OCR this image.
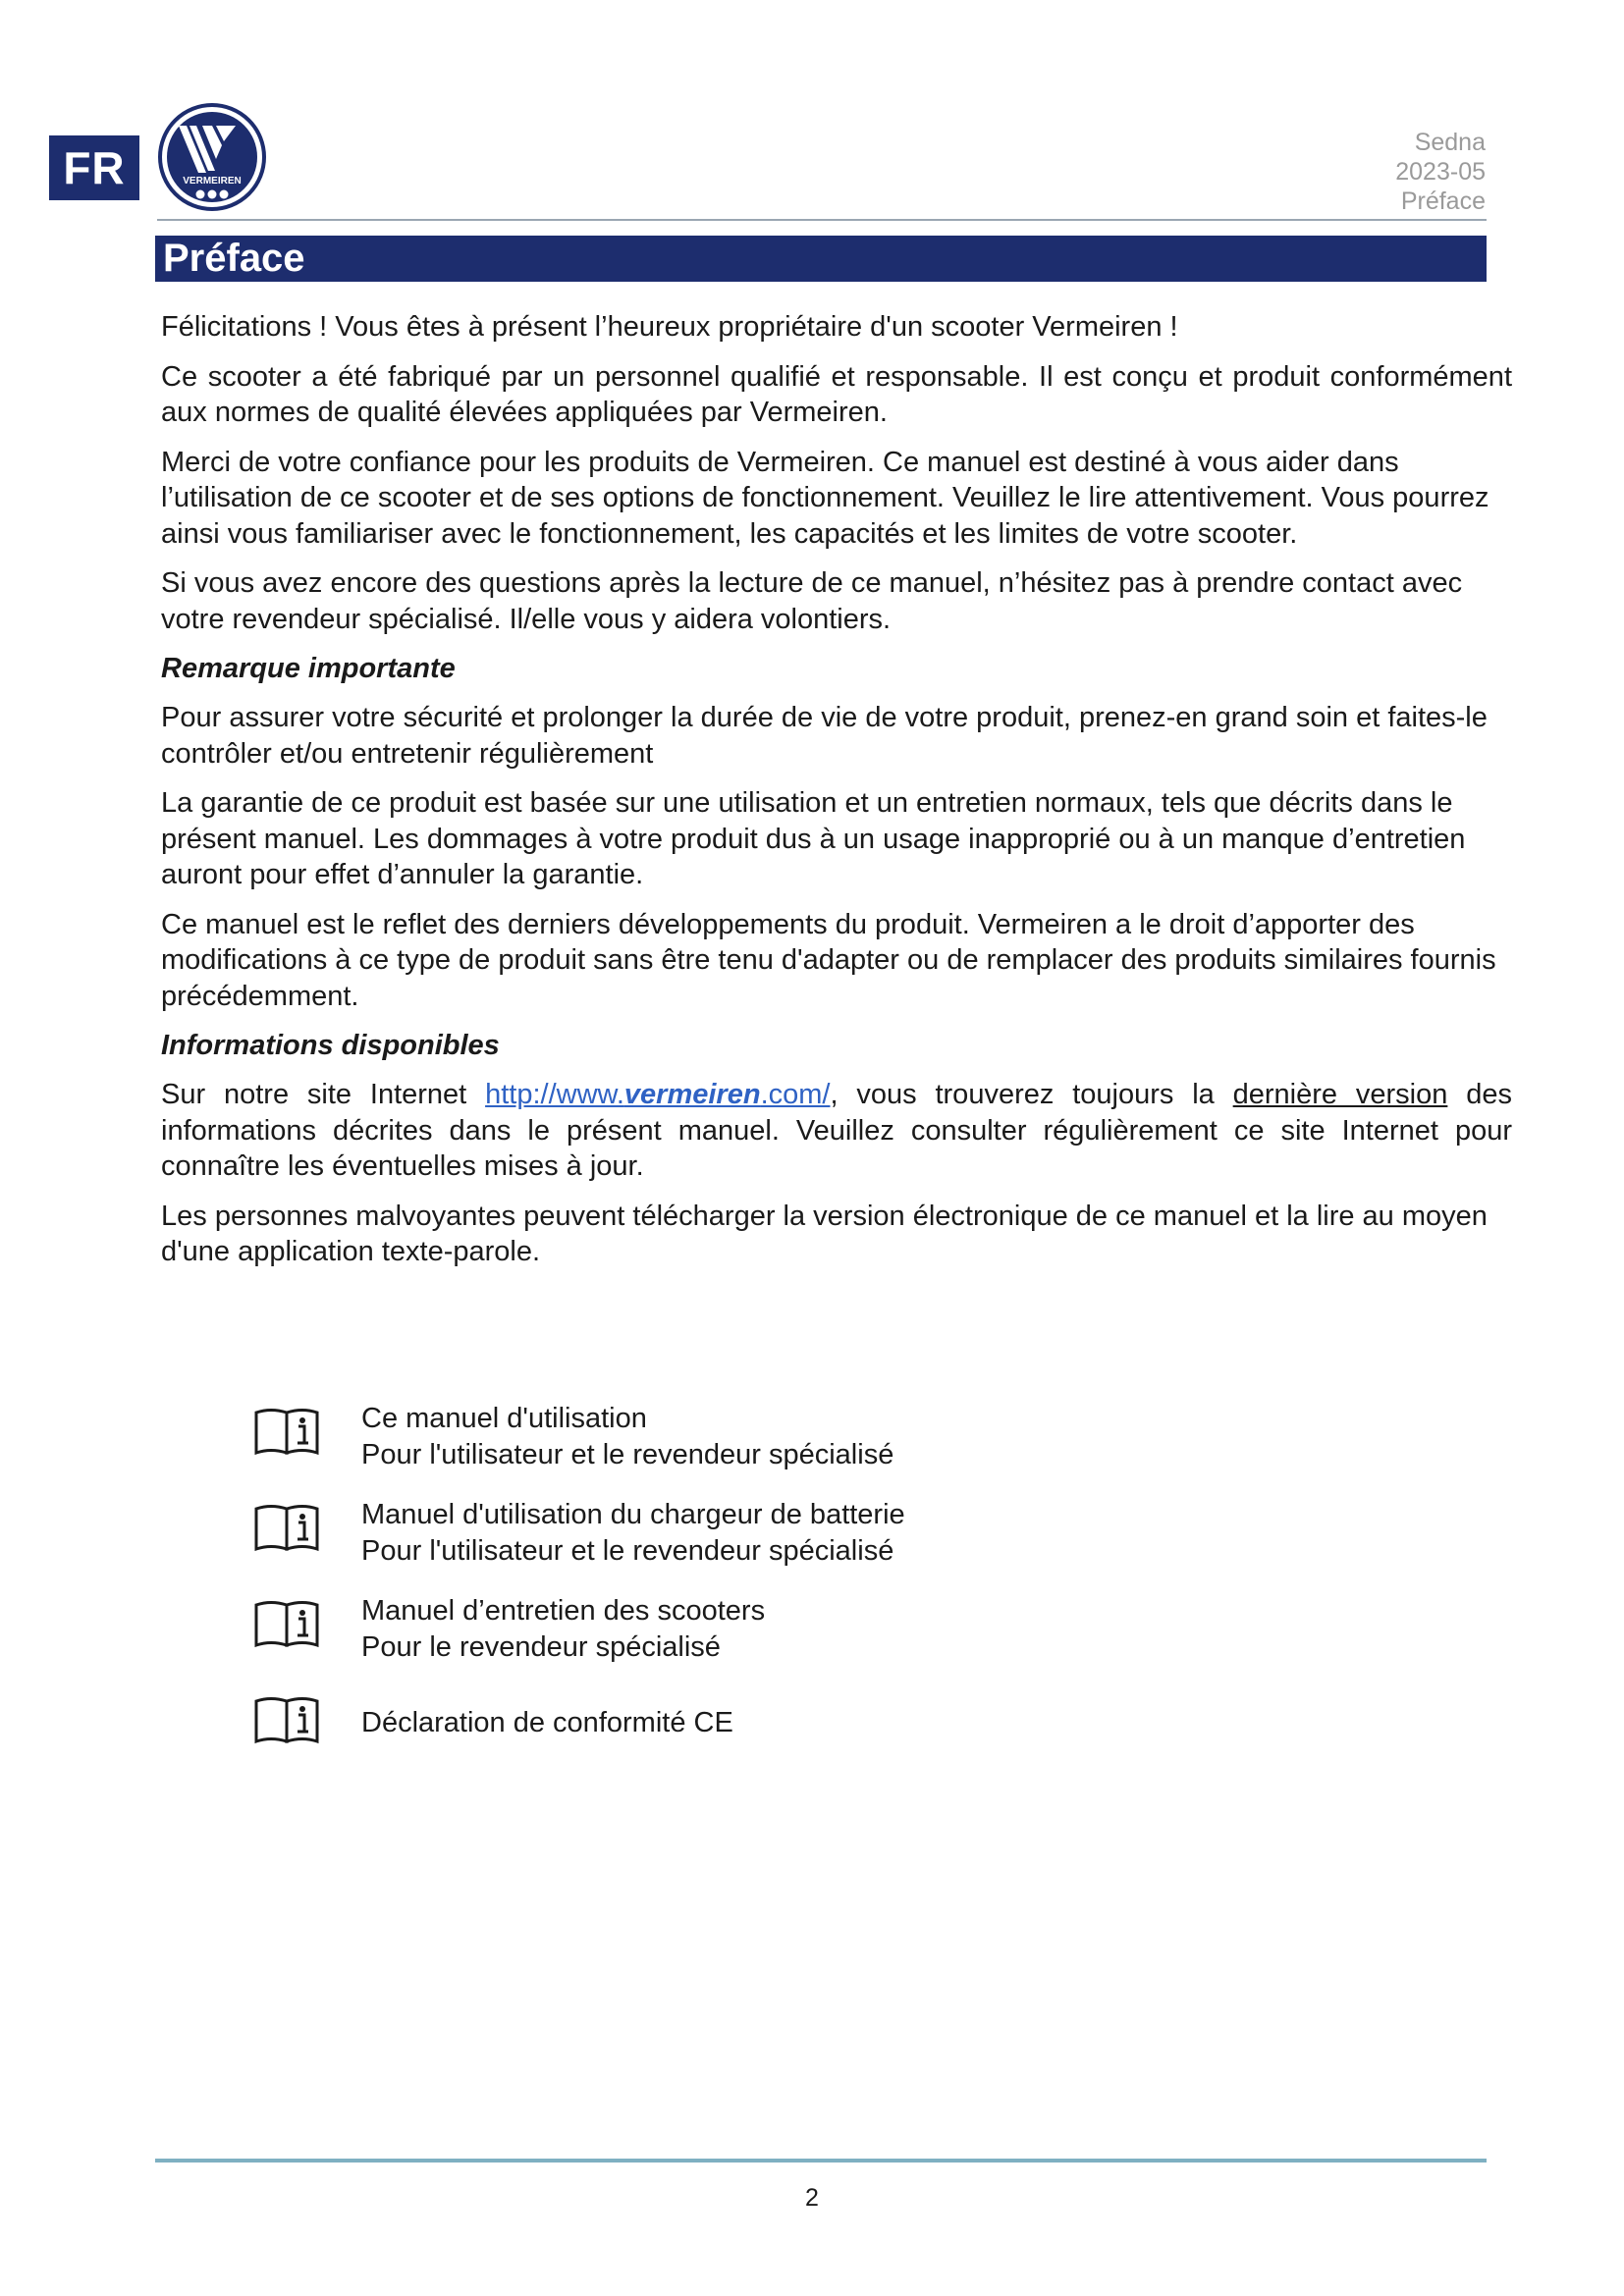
FR	VERMEIREN
Sedna
2023-05
Préface
Préface

Félicitations ! Vous êtes à présent l’heureux propriétaire d'un scooter Vermeiren !

Ce scooter a été fabriqué par un personnel qualifié et responsable. Il est conçu et produit conformément aux normes de qualité élevées appliquées par Vermeiren.

Merci de votre confiance pour les produits de Vermeiren. Ce manuel est destiné à vous aider dans l’utilisation de ce scooter et de ses options de fonctionnement. Veuillez le lire attentivement. Vous pourrez ainsi vous familiariser avec le fonctionnement, les capacités et les limites de votre scooter.

Si vous avez encore des questions après la lecture de ce manuel, n’hésitez pas à prendre contact avec votre revendeur spécialisé. Il/elle vous y aidera volontiers.

Remarque importante

Pour assurer votre sécurité et prolonger la durée de vie de votre produit, prenez-en grand soin et faites-le contrôler et/ou entretenir régulièrement

La garantie de ce produit est basée sur une utilisation et un entretien normaux, tels que décrits dans le présent manuel. Les dommages à votre produit dus à un usage inapproprié ou à un manque d’entretien auront pour effet d’annuler la garantie.

Ce manuel est le reflet des derniers développements du produit. Vermeiren a le droit d’apporter des modifications à ce type de produit sans être tenu d'adapter ou de remplacer des produits similaires fournis précédemment.

Informations disponibles

Sur notre site Internet http://www.vermeiren.com/, vous trouverez toujours la dernière version des informations décrites dans le présent manuel. Veuillez consulter régulièrement ce site Internet pour connaître les éventuelles mises à jour.

Les personnes malvoyantes peuvent télécharger la version électronique de ce manuel et la lire au moyen d'une application texte-parole.

Ce manuel d'utilisation
Pour l'utilisateur et le revendeur spécialisé
Manuel d'utilisation du chargeur de batterie
Pour l'utilisateur et le revendeur spécialisé
Manuel d’entretien des scooters
Pour le revendeur spécialisé
Déclaration de conformité CE
2
